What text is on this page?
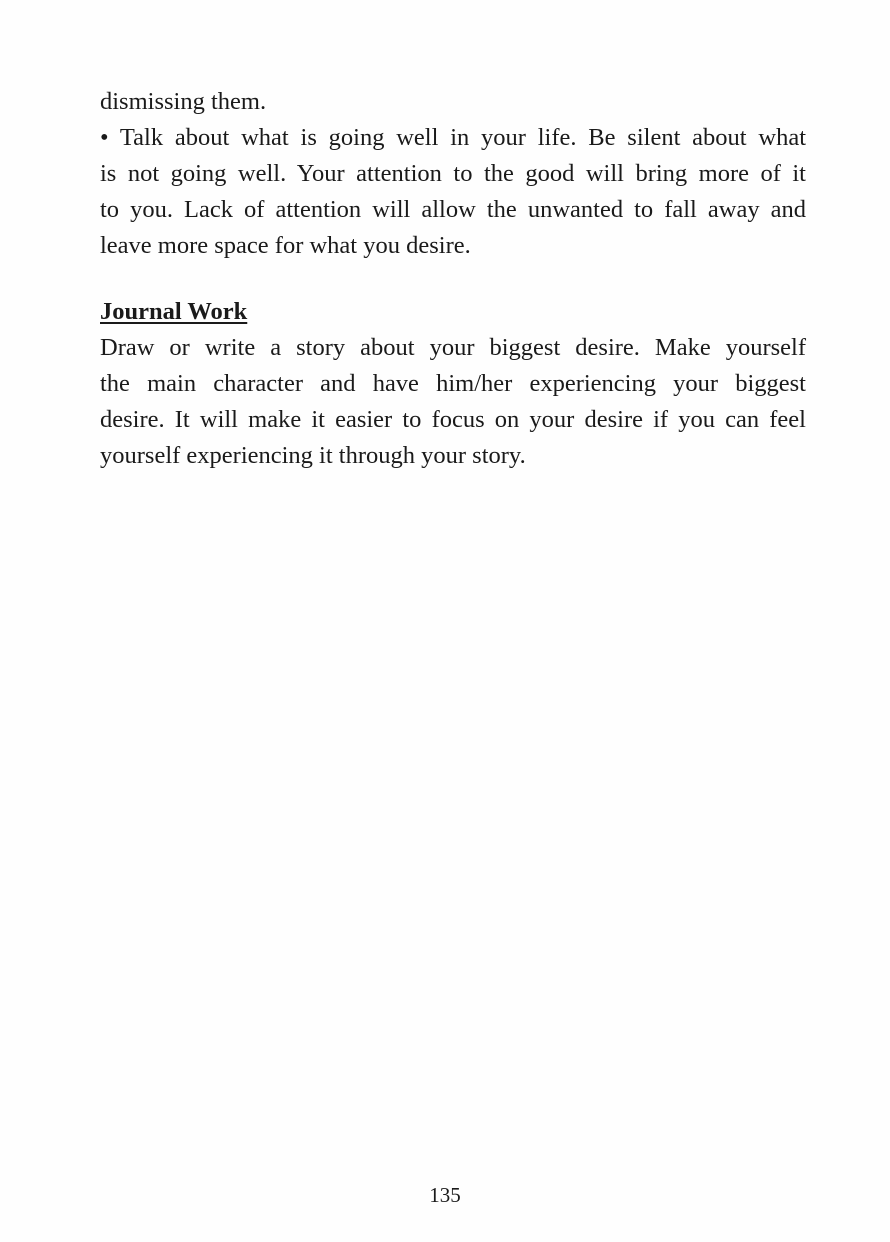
dismissing them.
• Talk about what is going well in your life. Be silent about what
is not going well. Your attention to the good will bring more of it
to you. Lack of attention will allow the unwanted to fall away and
leave more space for what you desire.
Journal Work
Draw or write a story about your biggest desire. Make yourself
the main character and have him/her experiencing your biggest
desire. It will make it easier to focus on your desire if you can feel
yourself experiencing it through your story.
135
